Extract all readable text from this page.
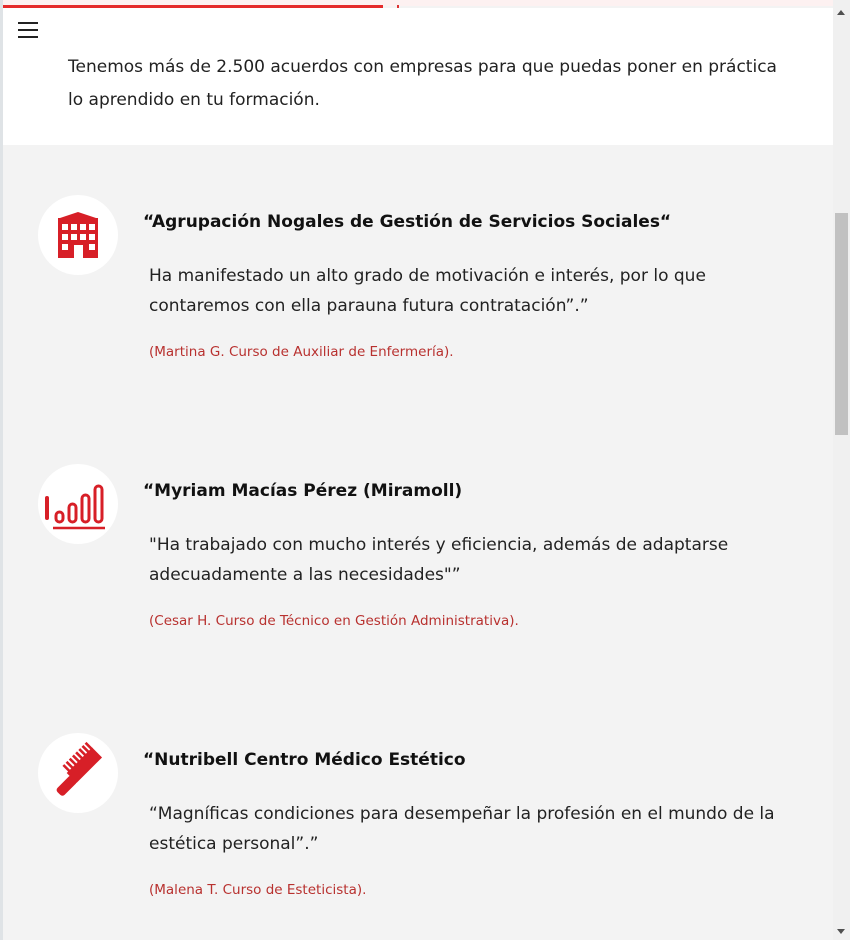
Tenemos más de 2.500 acuerdos con empresas para que puedas poner en práctica lo aprendido en tu formación.

“Agrupación Nogales de Gestión de Servicios Sociales“

Ha manifestado un alto grado de motivación e interés, por lo que contaremos con ella parauna futura contratación”.”

(Martina G. Curso de Auxiliar de Enfermería).

“Myriam Macías Pérez (Miramoll)

"Ha trabajado con mucho interés y eficiencia, además de adaptarse adecuadamente a las necesidades"”

(Cesar H. Curso de Técnico en Gestión Administrativa).

“Nutribell Centro Médico Estético

“Magníficas condiciones para desempeñar la profesión en el mundo de la estética personal”.”

(Malena T. Curso de Esteticista).
